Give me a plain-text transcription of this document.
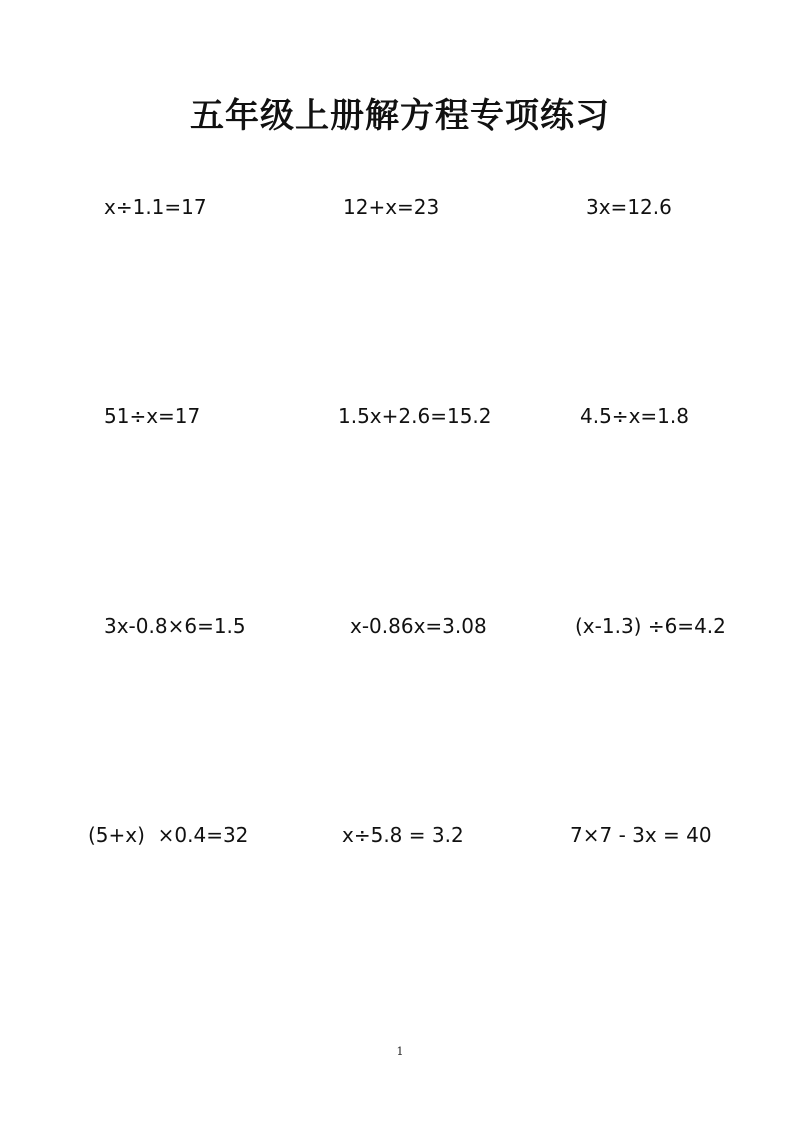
五年级上册解方程专项练习
x÷1.1=17	12+x=23	3x=12.6
51÷x=17	1.5x+2.6=15.2	4.5÷x=1.8
3x-0.8×6=1.5	x-0.86x=3.08	(x-1.3) ÷6=4.2
(5+x)  ×0.4=32	x÷5.8 = 3.2	7×7 - 3x = 40
1
